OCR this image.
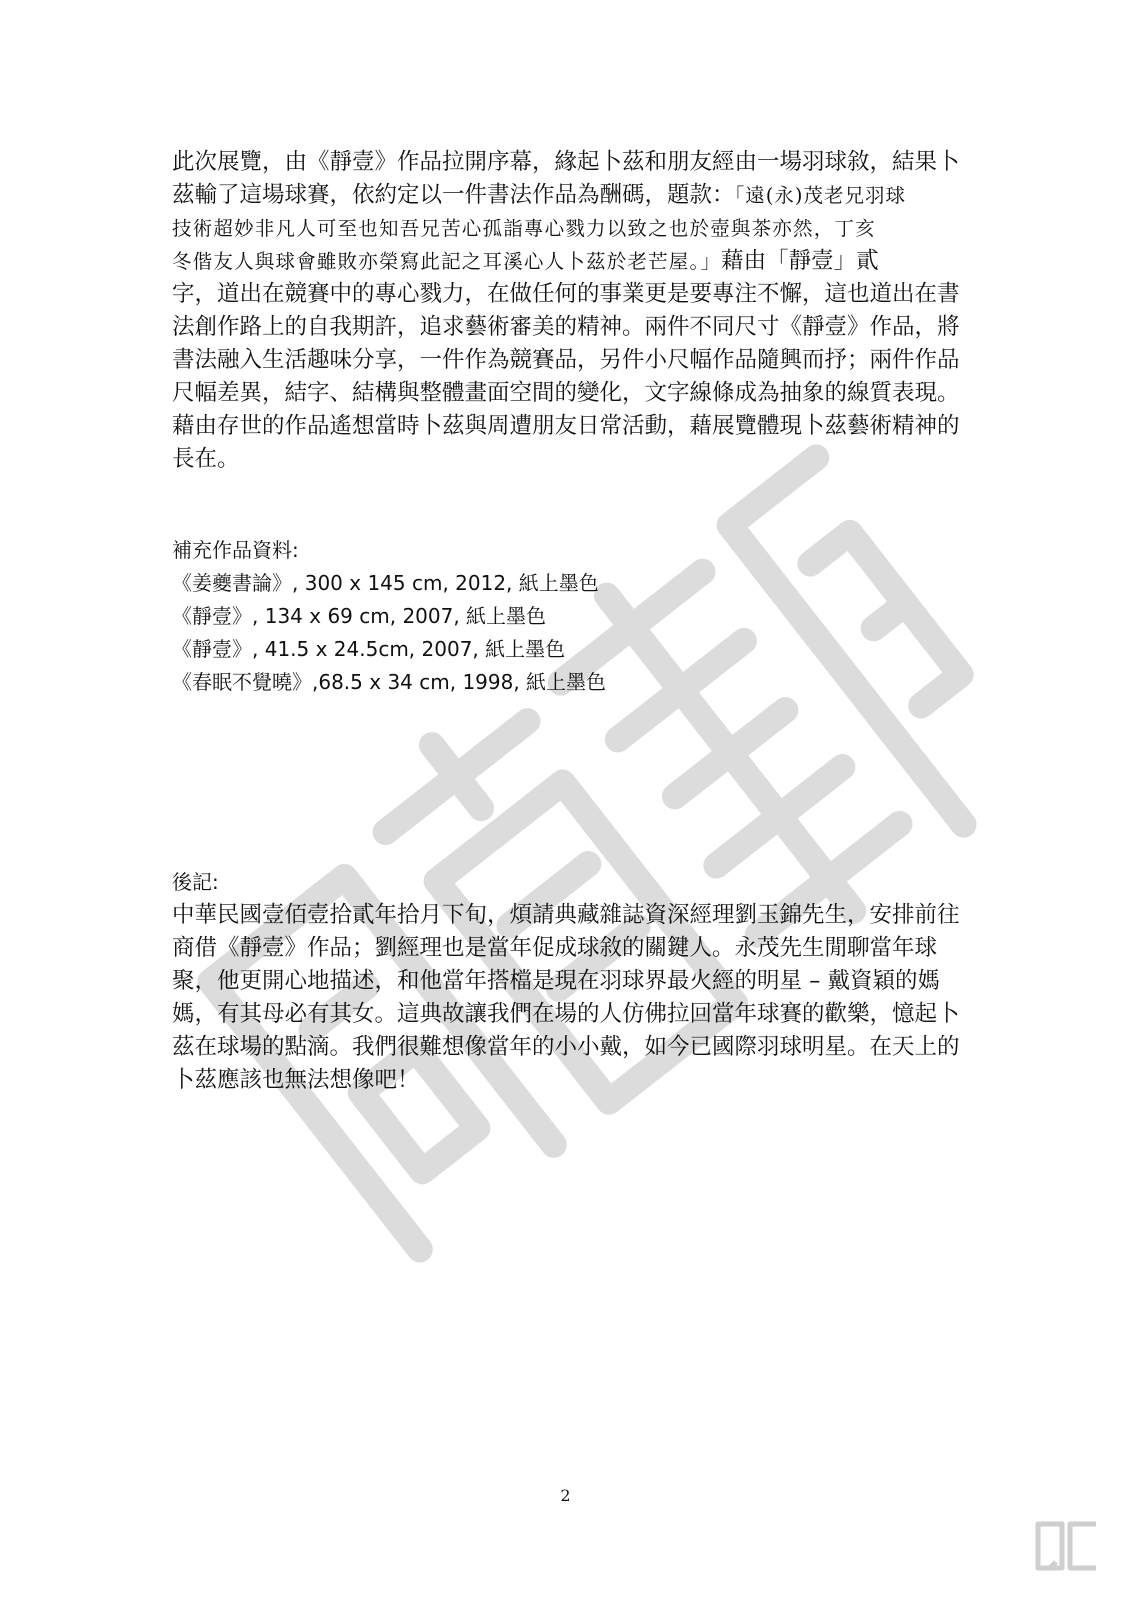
此次展覽，由《靜壹》作品拉開序幕，緣起卜茲和朋友經由一場羽球敘，結果卜茲輸了這場球賽，依約定以一件書法作品為酬碼，題款：「遠(永)茂老兄羽球
技術超妙非凡人可至也知吾兄苦心孤詣專心戮力以致之也於壺與茶亦然，丁亥
冬偕友人與球會雖敗亦榮寫此記之耳溪心人卜茲於老芒屋。」藉由「靜壹」貳
字，道出在競賽中的專心戮力，在做任何的事業更是要專注不懈，這也道出在書法創作路上的自我期許，追求藝術審美的精神。兩件不同尺寸《靜壹》作品，將書法融入生活趣味分享，一件作為競賽品，另件小尺幅作品隨興而抒；兩件作品尺幅差異，結字、結構與整體畫面空間的變化，文字線條成為抽象的線質表現。 藉由存世的作品遙想當時卜茲與周遭朋友日常活動，藉展覽體現卜茲藝術精神的長在。
補充作品資料:
《姜夔書論》, 300 x 145 cm, 2012, 紙上墨色
《靜壹》, 134 x 69 cm, 2007, 紙上墨色
《靜壹》, 41.5 x 24.5cm, 2007, 紙上墨色
《春眠不覺曉》,68.5 x 34 cm, 1998, 紙上墨色
後記:
中華民國壹佰壹拾貳年拾月下旬，煩請典藏雜誌資深經理劉玉錦先生，安排前往商借《靜壹》作品；劉經理也是當年促成球敘的關鍵人。永茂先生閒聊當年球聚，他更開心地描述，和他當年搭檔是現在羽球界最火經的明星 – 戴資穎的媽媽，有其母必有其女。這典故讓我們在場的人仿佛拉回當年球賽的歡樂，憶起卜茲在球場的點滴。我們很難想像當年的小小戴，如今已國際羽球明星。在天上的卜茲應該也無法想像吧！
2
